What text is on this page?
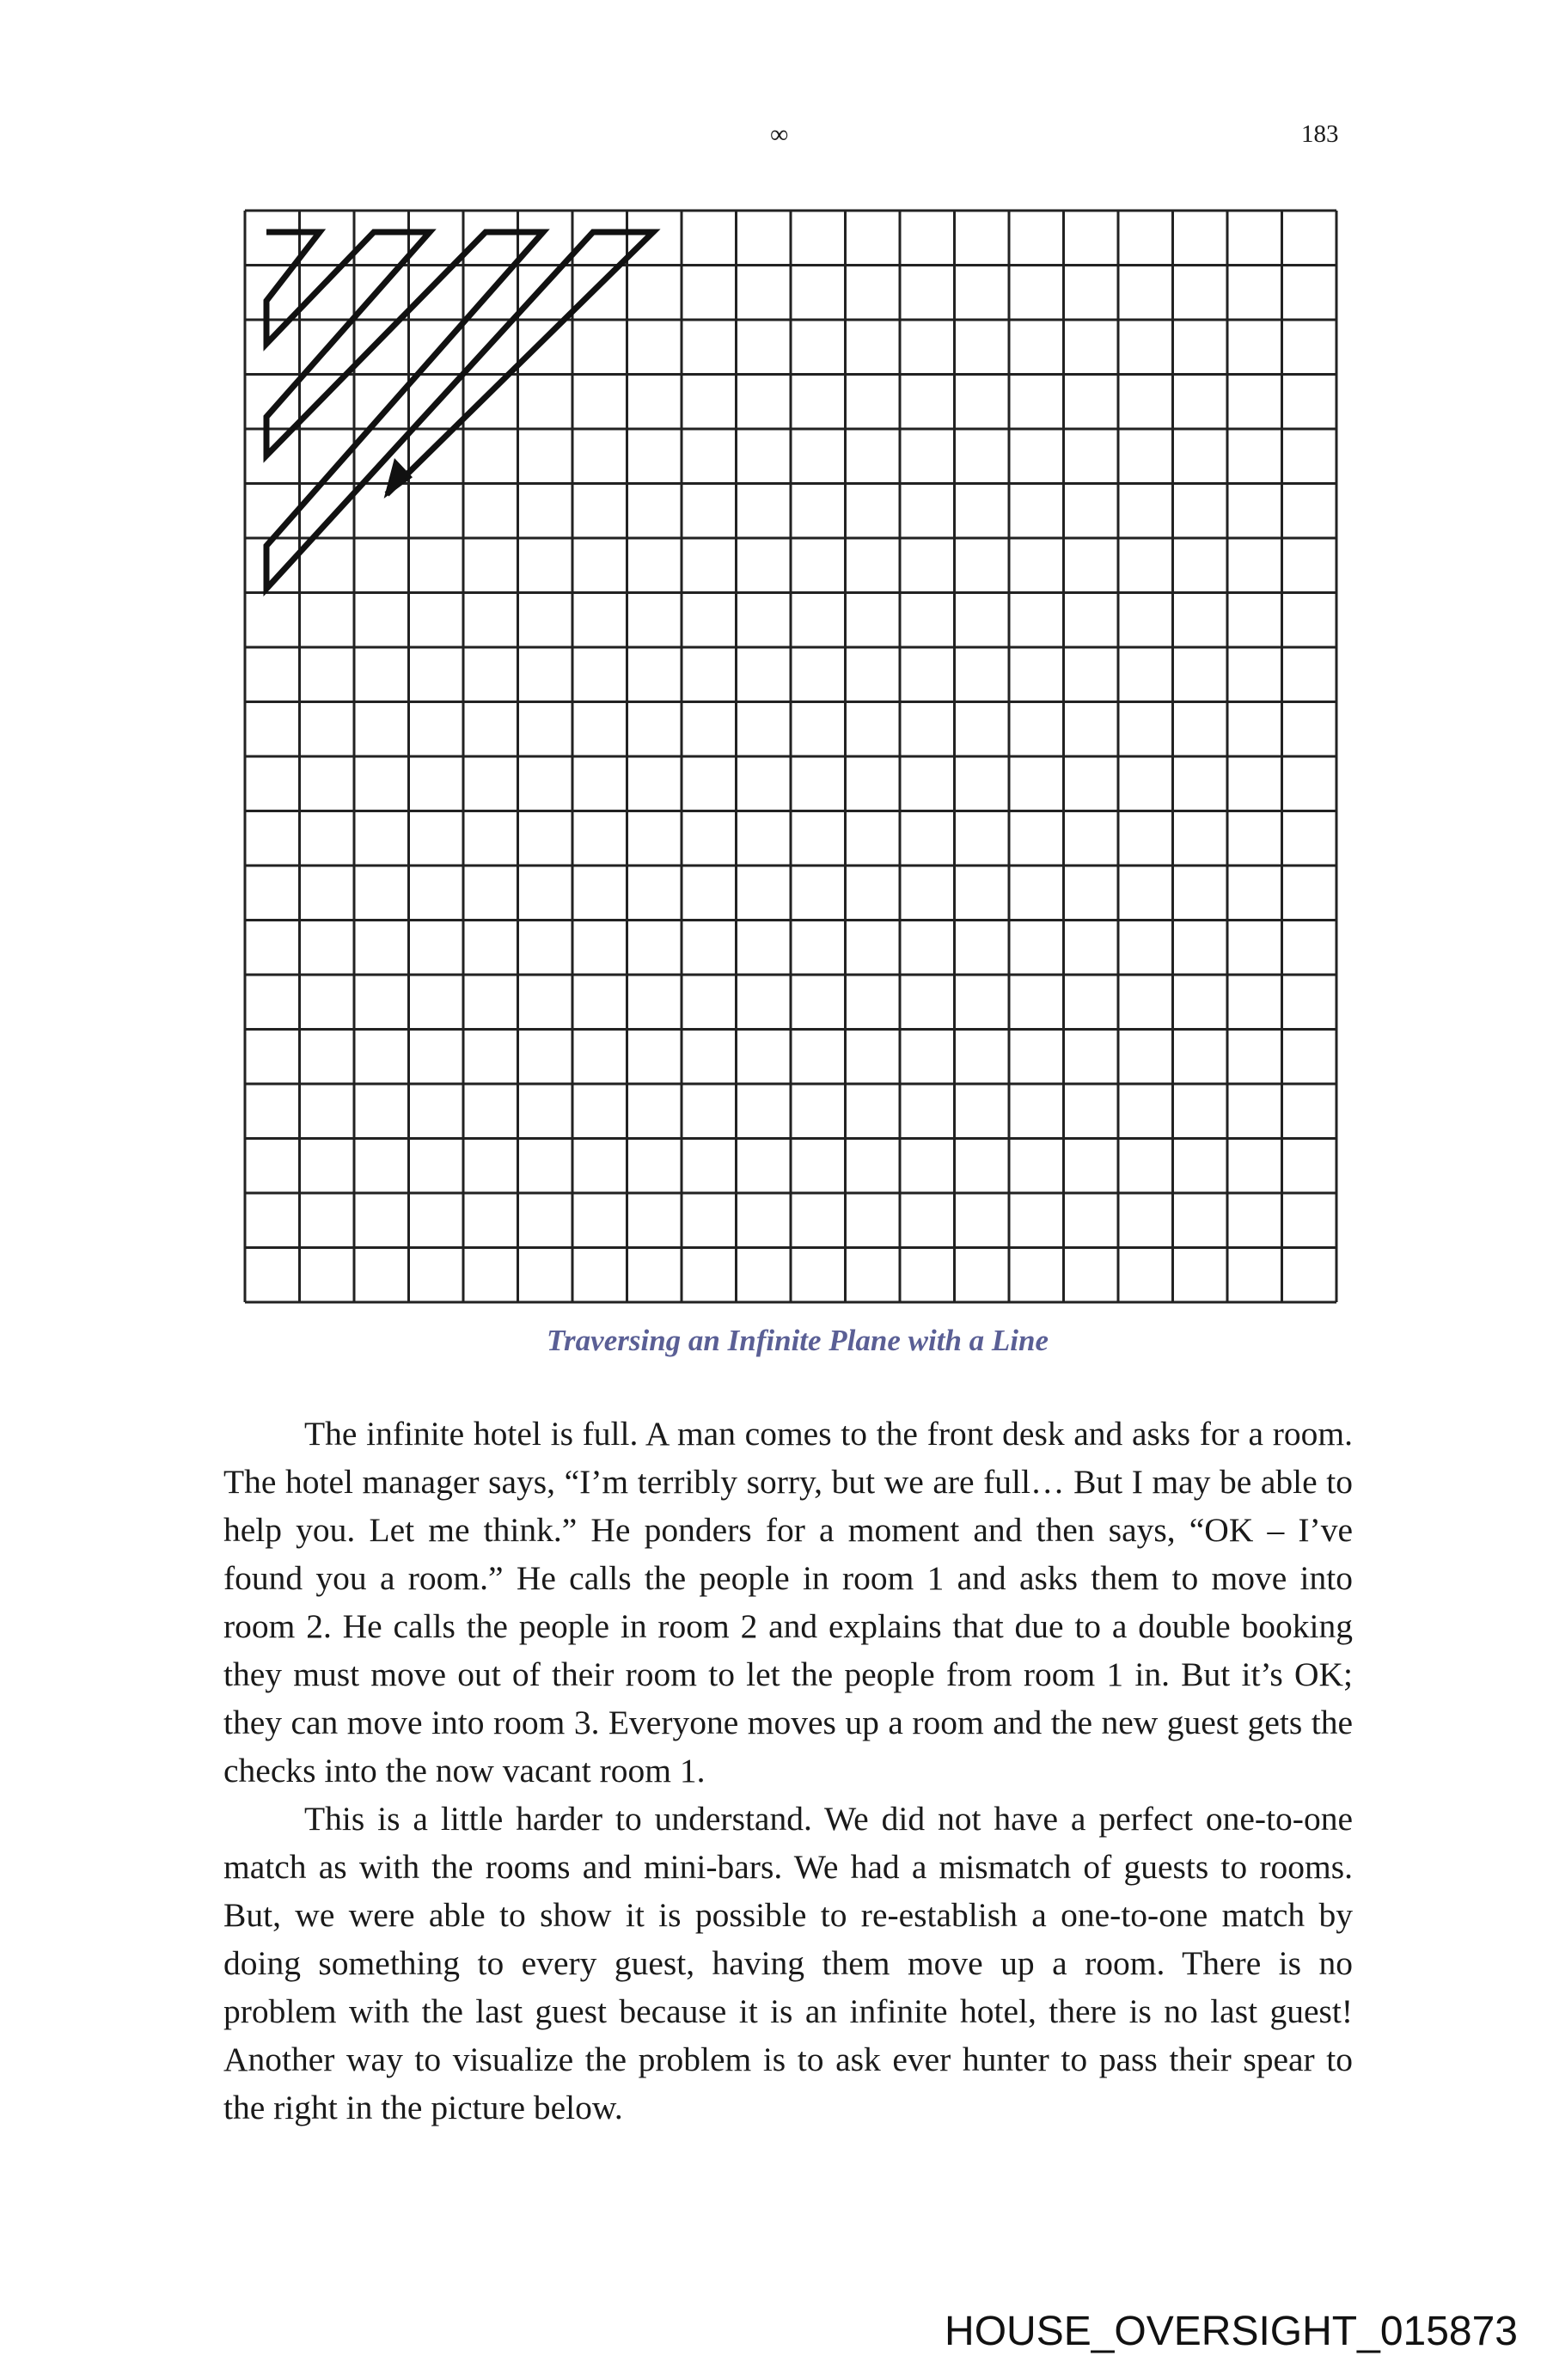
∞	183
Traversing an Infinite Plane with a Line

The infinite hotel is full. A man comes to the front desk and asks for a room. The hotel manager says, “I’m terribly sorry, but we are full… But I may be able to help you. Let me think.” He ponders for a moment and then says, “OK – I’ve found you a room.” He calls the people in room 1 and asks them to move into room 2. He calls the people in room 2 and explains that due to a double booking they must move out of their room to let the people from room 1 in. But it’s OK; they can move into room 3. Everyone moves up a room and the new guest gets the checks into the now vacant room 1.

This is a little harder to understand. We did not have a perfect one-to-one match as with the rooms and mini-bars. We had a mismatch of guests to rooms. But, we were able to show it is possible to re-establish a one-to-one match by doing something to every guest, having them move up a room. There is no problem with the last guest because it is an infinite hotel, there is no last guest! Another way to visualize the problem is to ask ever hunter to pass their spear to the right in the picture below.

HOUSE_OVERSIGHT_015873
